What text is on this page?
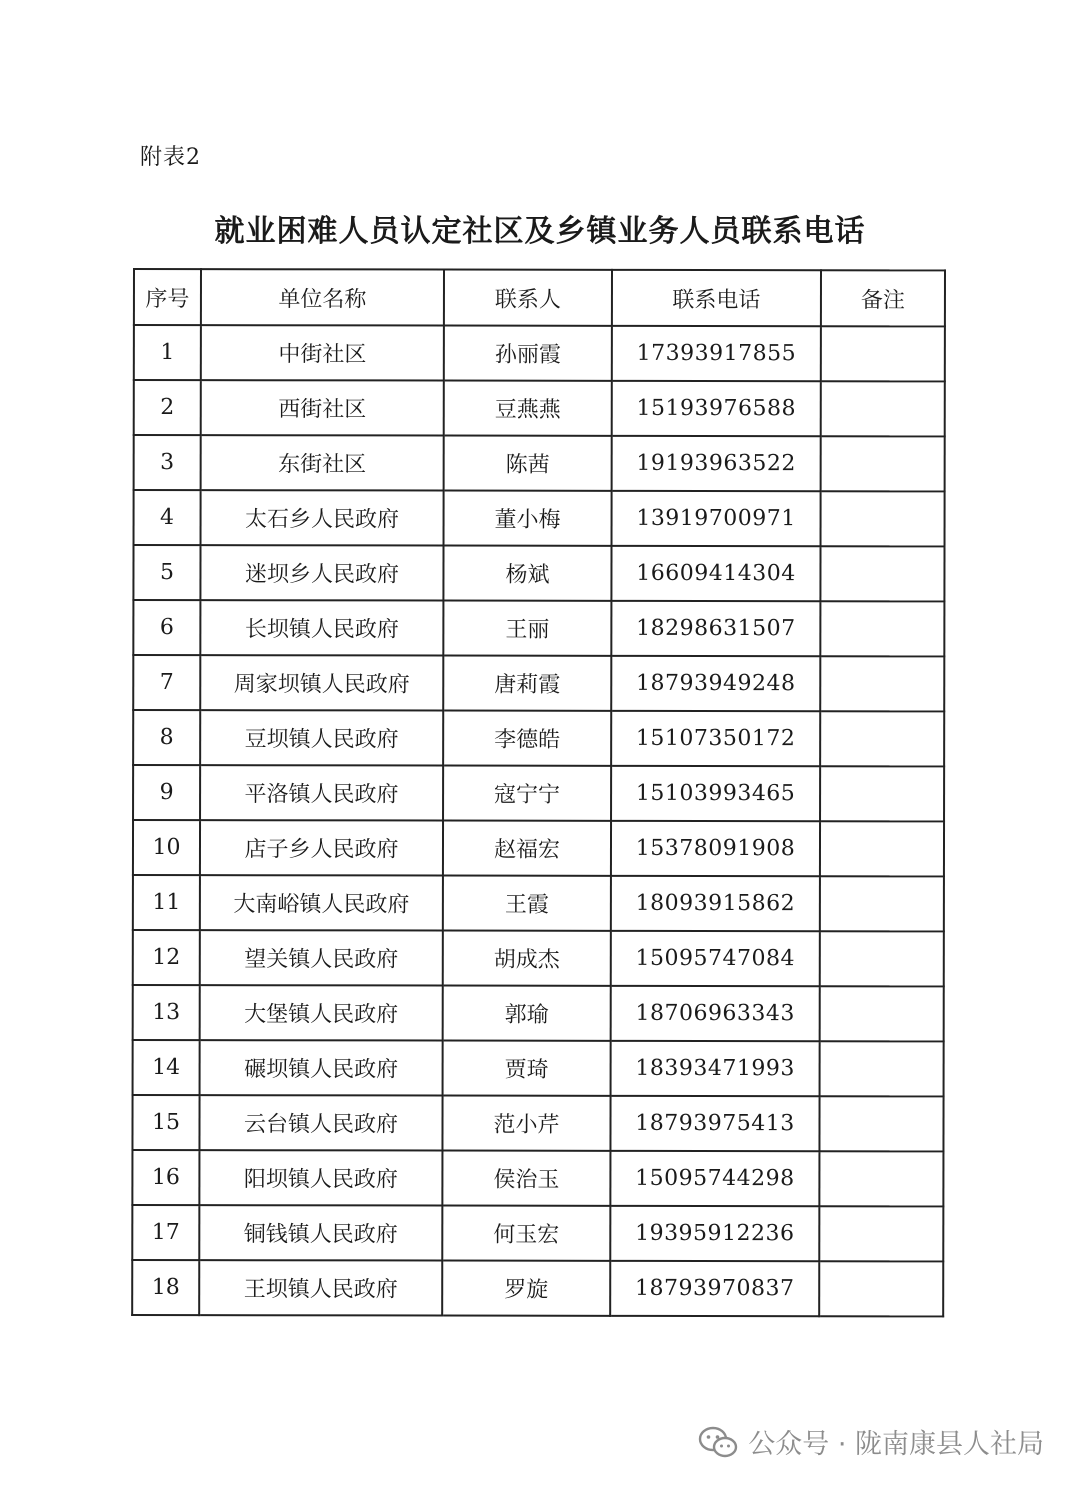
附表2
就业困难人员认定社区及乡镇业务人员联系电话
序号	单位名称	联系人	联系电话	备注
1	中街社区	孙丽霞	17393917855	
2	西街社区	豆燕燕	15193976588	
3	东街社区	陈茜	19193963522	
4	太石乡人民政府	董小梅	13919700971	
5	迷坝乡人民政府	杨斌	16609414304	
6	长坝镇人民政府	王丽	18298631507	
7	周家坝镇人民政府	唐莉霞	18793949248	
8	豆坝镇人民政府	李德皓	15107350172	
9	平洛镇人民政府	寇宁宁	15103993465	
10	店子乡人民政府	赵福宏	15378091908	
11	大南峪镇人民政府	王霞	18093915862	
12	望关镇人民政府	胡成杰	15095747084	
13	大堡镇人民政府	郭瑜	18706963343	
14	碾坝镇人民政府	贾琦	18393471993	
15	云台镇人民政府	范小芹	18793975413	
16	阳坝镇人民政府	侯治玉	15095744298	
17	铜钱镇人民政府	何玉宏	19395912236	
18	王坝镇人民政府	罗旋	18793970837	
公众号 · 陇南康县人社局
